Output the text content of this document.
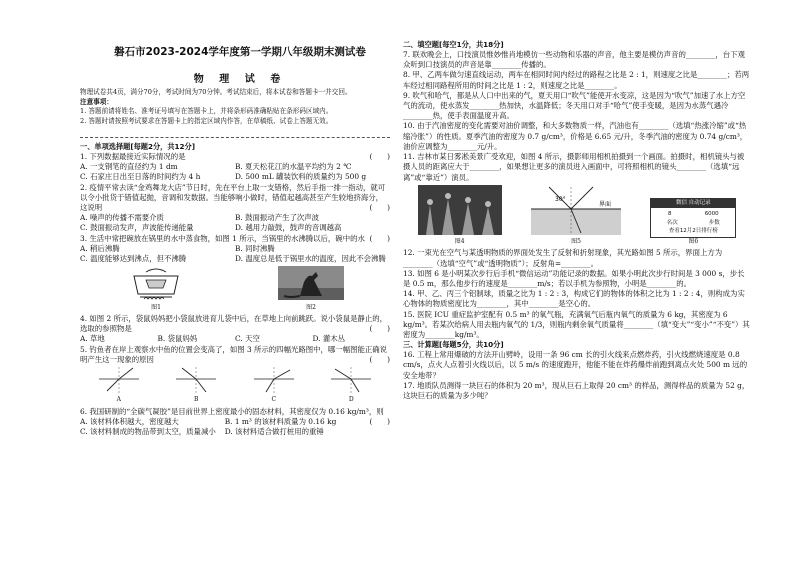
磐石市2023-2024学年度第一学期八年级期末测试卷
物 理 试 卷
物理试卷共4页，满分70分，考试时间为70分钟。考试结束后，将本试卷和答题卡一并交回。
注意事项：
1. 答题前请将姓名、准考证号填写在答题卡上，并将条形码准确粘贴在条形码区域内。
2. 答题时请按照考试要求在答题卡上的指定区域内作答，在草稿纸、试卷上答题无效。
一、单项选择题[每题2分，共12分]
(　　)
1. 下列数据最接近实际情况的是
A. 一支钢笔的直径约为 1 dm	B. 夏天松花江的水温平均约为 2 ℃
C. 石家庄日出至日落的时间约为 4 h	D. 500 mL 罐装饮料的质量约为 500 g
2. 疫情平常去读“金鸡舞龙大店”节日时，先在平台上取一支错格，然后手指一排一指动，就可以令小批货于错值起抛，音调和发数据。当能够响小做时，错值起越高甚至产生较地挤海分，这说明	(　　)
A. 噪声的传播不需要介质	B. 鼓面振动产生了次声波
C. 鼓面振动发声，声波能传递能量	D. 越用力敲鼓，鼓声的音调越高
3. 生活中常把碗放在锅里的水中蒸食物，如图 1 所示，当锅里的水沸腾以后，碗中的水 (　　)
A. 稍后沸腾	B. 同时沸腾
C. 温度能够达到沸点，但不沸腾	D. 温度总是低于锅里水的温度，因此不会沸腾
图1	图2
4. 如图 2 所示，袋鼠妈妈把小袋鼠放进育儿袋中后，在草地上向前跳跃。说小袋鼠是静止的，选取的参照物是	(　　)
A. 草地	B. 袋鼠妈妈	C. 天空	D. 灌木丛
5. 钓鱼者在岸上观察水中鱼的位置会变高了，如图 3 所示的四幅光路图中，哪一幅图能正确说明产生这一现象的原因	(　　)
A	B	C	D
6. 我国研制的“全碳气凝胶”是目前世界上密度最小的固态材料，其密度仅为 0.16 kg/m³，则
(　　)
A. 该材料体积越大，密度越大	B. 1 m³ 的该材料质量为 0.16 kg
C. 该材料制成的物品带到太空，质量减小	D. 该材料适合做打桩用的重锤
二、填空题[每空1分，共18分]
7. 联欢晚会上，口技演员惟妙惟肖地模仿一些动物和乐器的声音，他主要是模仿声音的________，台下观众听到口技演员的声音是靠________传播的。
8. 甲、乙两车做匀速直线运动，两车在相同时间内经过的路程之比是 2 : 1，则速度之比是________；若两车经过相同路程所用的时间之比是 1 : 2，则速度之比是________。
9. 吹气和哈气，都是从人口中出来的气，夏天用口“吹气”能使开水变凉，这是因为“吹气”加速了水上方空气的流动，使水蒸发________热加快，水温降低；冬天用口对手“哈气”使手变暖，是因为水蒸气遇冷________热，使手表面温度升高。
10. 由于汽油密度的变化需要对油价调整，和大多数物质一样，汽油也有________（选填“热涨冷缩”或“热缩冷胀”）的性质。夏季汽油的密度为 0.7 g/cm³，价格是 6.65 元/升，冬季汽油的密度为 0.74 g/cm³，油价应调整为________元/升。
11. 吉林市某日雾凇美景广受欢迎，如图 4 所示，摄影师用相机拍摄到一个画面。拍摄时，相机镜头与被摄人员的距离应大于________，如果想让更多的演员进入画面中，可将照相机的镜头________（选填“远离”或“靠近”）演员。
图4
30°
界面
图5
微信 自动记录
8	6000
名次	步数
查看12月2日排行榜
图6
12. 一束光在空气与某透明物质的界面处发生了反射和折射现象，其光路如图 5 所示，界面上方为________（选填“空气”或“透明物质”）；反射角=________。
13. 如图 6 是小明某次步行后手机“微信运动”功能记录的数据。如果小明此次步行时间是 3 000 s，步长是 0.5 m，那么他步行的速度是________m/s；若以手机为参照物，小明是________的。
14. 甲、乙、丙三个铝制球，质量之比为 1 : 2 : 3，构成它们的物体的体积之比为 1 : 2 : 4，则构成为实心物体的物质密度比为________，其中________是空心的。
15. 医院 ICU 重症监护室配有 0.5 m³ 的氧气瓶，充满氧气后瓶内氧气的质量为 6 kg，其密度为 6 kg/m³。若某次给病人用去瓶内氧气的 1/3，则瓶内剩余氧气质量将________（填“变大”“变小”“不变”）其密度为________kg/m³。
三、计算题[每题5分，共10分]
16. 工程上常用爆破的方法开山劈岭，设用一条 96 cm 长的引火线来点燃炸药，引火线燃烧速度是 0.8 cm/s，点火人点着引火线以后，以 5 m/s 的速度跑开，他能不能在炸药爆炸前跑到离点火处 500 m 远的安全地带？
17. 地质队员测得一块巨石的体积为 20 m³，现从巨石上取得 20 cm³ 的样品，测得样品的质量为 52 g，这块巨石的质量为多少吨？
